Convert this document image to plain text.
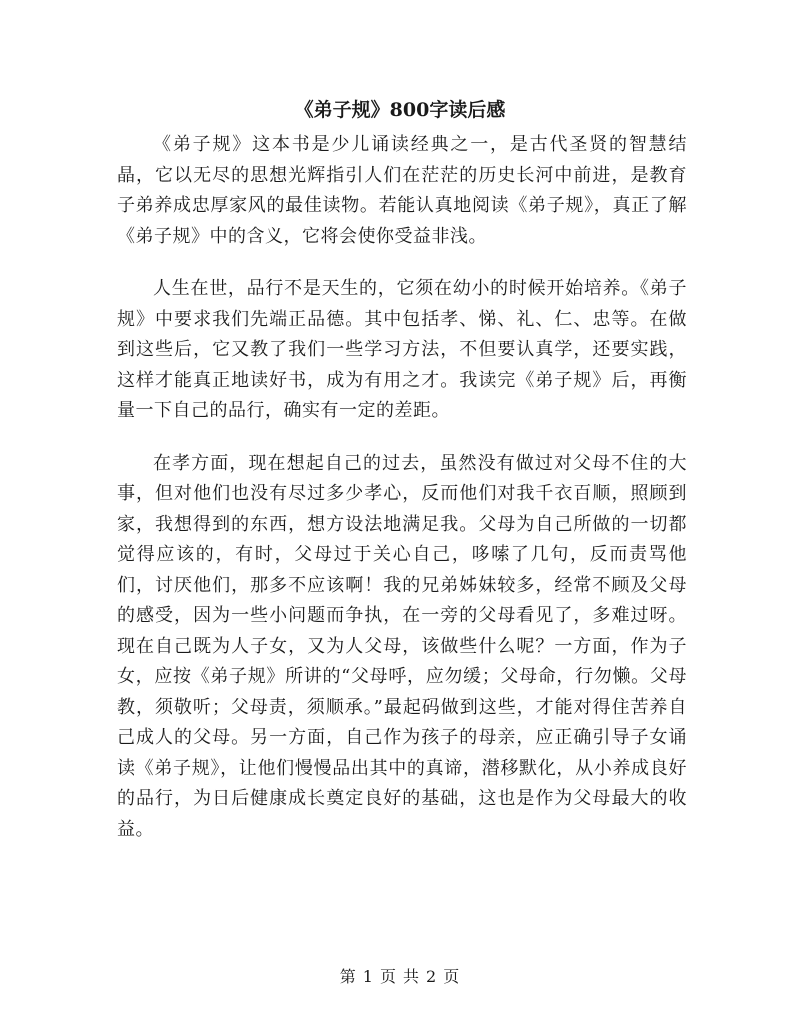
《弟子规》800字读后感

《弟子规》这本书是少儿诵读经典之一，是古代圣贤的智慧结晶，它以无尽的思想光辉指引人们在茫茫的历史长河中前进，是教育子弟养成忠厚家风的最佳读物。若能认真地阅读《弟子规》，真正了解《弟子规》中的含义，它将会使你受益非浅。

人生在世，品行不是天生的，它须在幼小的时候开始培养。《弟子规》中要求我们先端正品德。其中包括孝、悌、礼、仁、忠等。在做到这些后，它又教了我们一些学习方法，不但要认真学，还要实践，这样才能真正地读好书，成为有用之才。我读完《弟子规》后，再衡量一下自己的品行，确实有一定的差距。

在孝方面，现在想起自己的过去，虽然没有做过对父母不住的大事，但对他们也没有尽过多少孝心，反而他们对我千衣百顺，照顾到家，我想得到的东西，想方设法地满足我。父母为自己所做的一切都觉得应该的，有时，父母过于关心自己，哆嗦了几句，反而责骂他们，讨厌他们，那多不应该啊！我的兄弟姊妹较多，经常不顾及父母的感受，因为一些小问题而争执，在一旁的父母看见了，多难过呀。现在自己既为人子女，又为人父母，该做些什么呢？一方面，作为子女，应按《弟子规》所讲的“父母呼，应勿缓；父母命，行勿懒。父母教，须敬听；父母责，须顺承。”最起码做到这些，才能对得住苦养自己成人的父母。另一方面，自己作为孩子的母亲，应正确引导子女诵读《弟子规》，让他们慢慢品出其中的真谛，潜移默化，从小养成良好的品行，为日后健康成长奠定良好的基础，这也是作为父母最大的收益。

第 1 页 共 2 页
